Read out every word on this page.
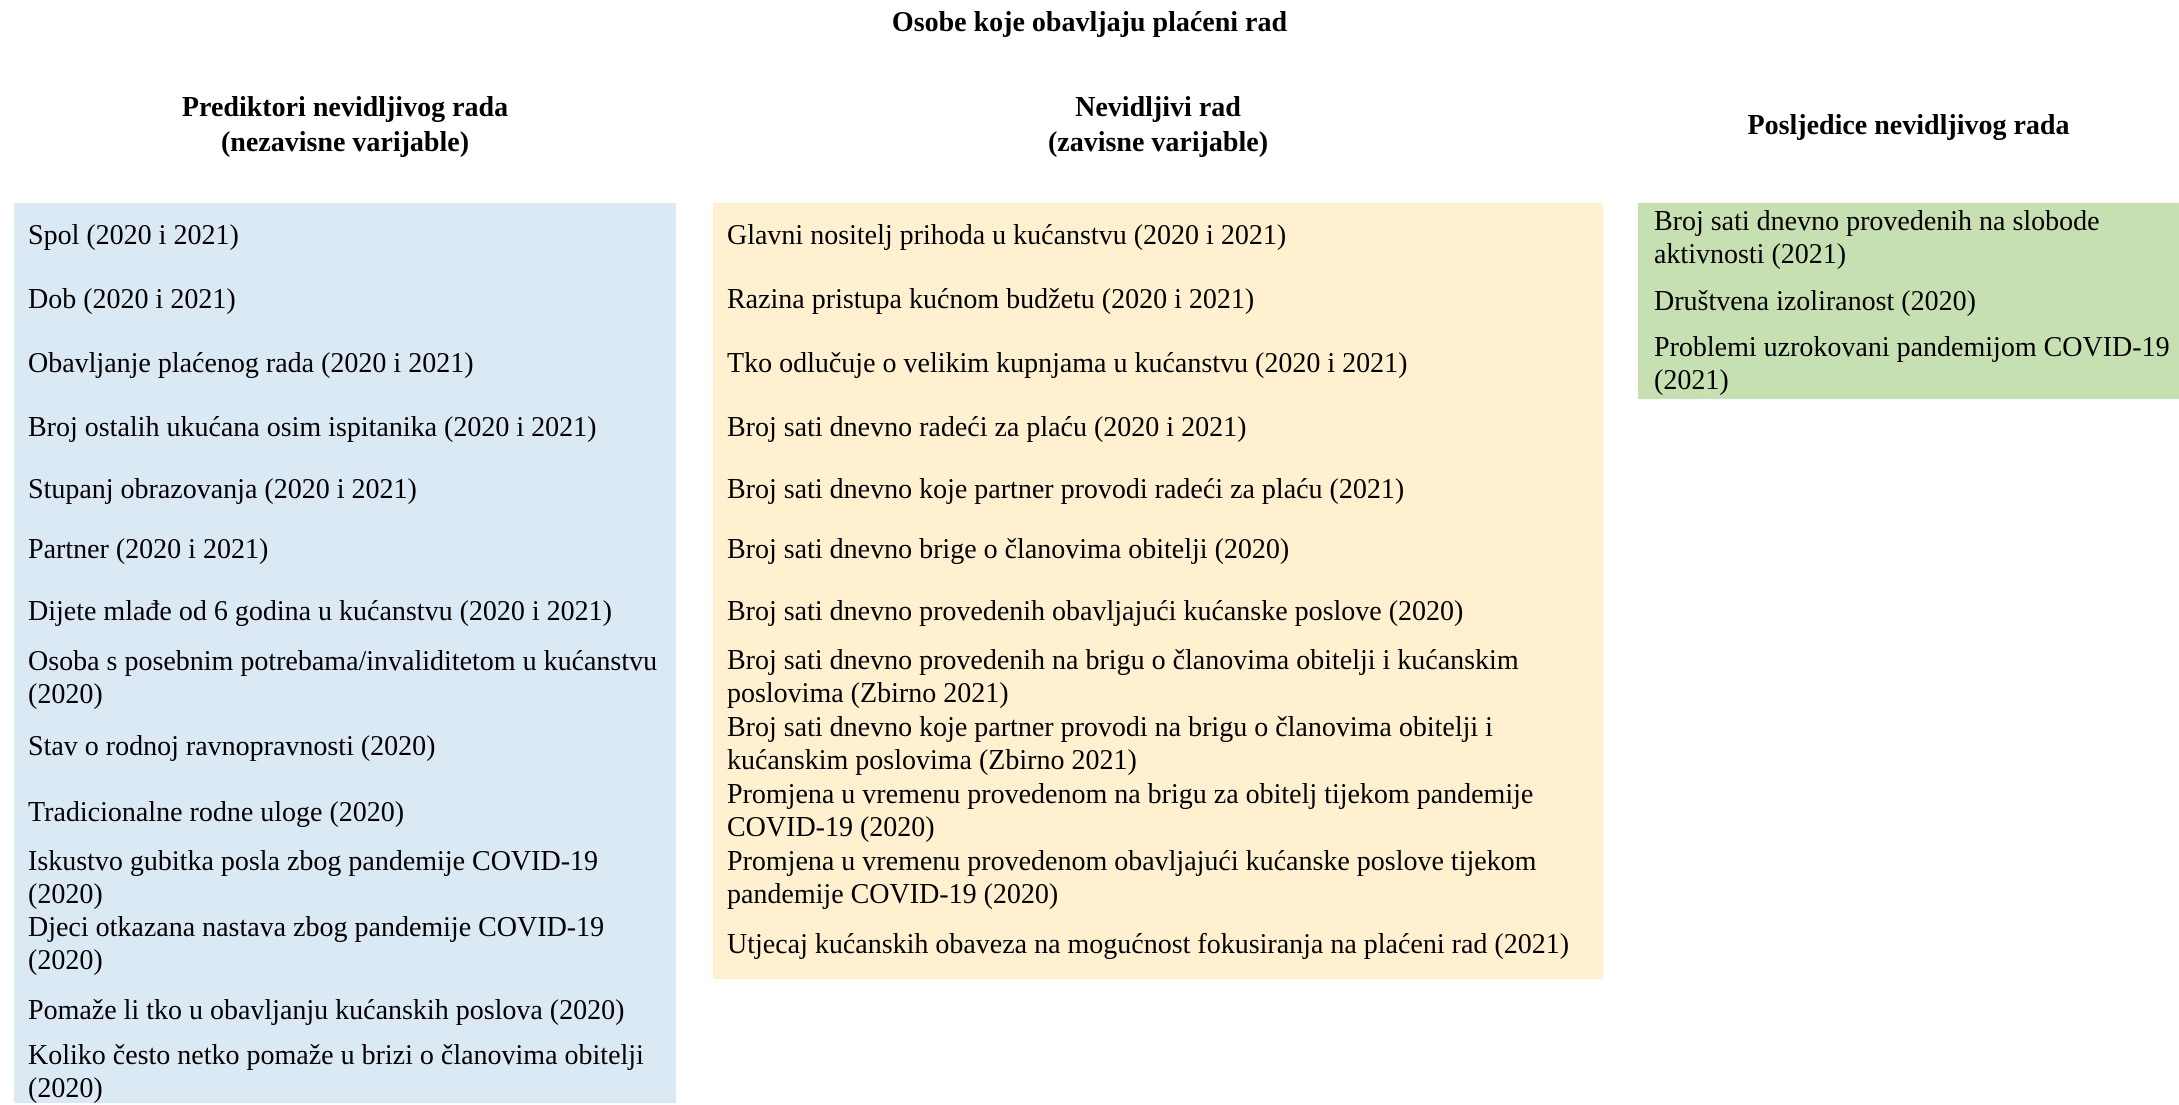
Osobe koje obavljaju plaćeni rad
Prediktori nevidljivog rada
(nezavisne varijable)
Nevidljivi rad
(zavisne varijable)
Posljedice nevidljivog rada
Spol (2020 i 2021)
Dob (2020 i 2021)
Obavljanje plaćenog rada (2020 i 2021)
Broj ostalih ukućana osim ispitanika (2020 i 2021)
Stupanj obrazovanja (2020 i 2021)
Partner (2020 i 2021)
Dijete mlađe od 6 godina u kućanstvu (2020 i 2021)
Osoba s posebnim potrebama/invaliditetom u kućanstvu (2020)
Stav o rodnoj ravnopravnosti (2020)
Tradicionalne rodne uloge (2020)
Iskustvo gubitka posla zbog pandemije COVID-19 (2020)
Djeci otkazana nastava zbog pandemije COVID-19 (2020)
Pomaže li tko u obavljanju kućanskih poslova (2020)
Koliko često netko pomaže u brizi o članovima obitelji (2020)
Glavni nositelj prihoda u kućanstvu (2020 i 2021)
Razina pristupa kućnom budžetu (2020 i 2021)
Tko odlučuje o velikim kupnjama u kućanstvu (2020 i 2021)
Broj sati dnevno radeći za plaću (2020 i 2021)
Broj sati dnevno koje partner provodi radeći za plaću (2021)
Broj sati dnevno brige o članovima obitelji (2020)
Broj sati dnevno provedenih obavljajući kućanske poslove (2020)
Broj sati dnevno provedenih na brigu o članovima obitelji i kućanskim poslovima (Zbirno 2021)
Broj sati dnevno koje partner provodi na brigu o članovima obitelji i kućanskim poslovima (Zbirno 2021)
Promjena u vremenu provedenom na brigu za obitelj tijekom pandemije COVID-19 (2020)
Promjena u vremenu provedenom obavljajući kućanske poslove tijekom pandemije COVID-19 (2020)
Utjecaj kućanskih obaveza na mogućnost fokusiranja na plaćeni rad (2021)
Broj sati dnevno provedenih na slobode aktivnosti (2021)
Društvena izoliranost (2020)
Problemi uzrokovani pandemijom COVID-19 (2021)
